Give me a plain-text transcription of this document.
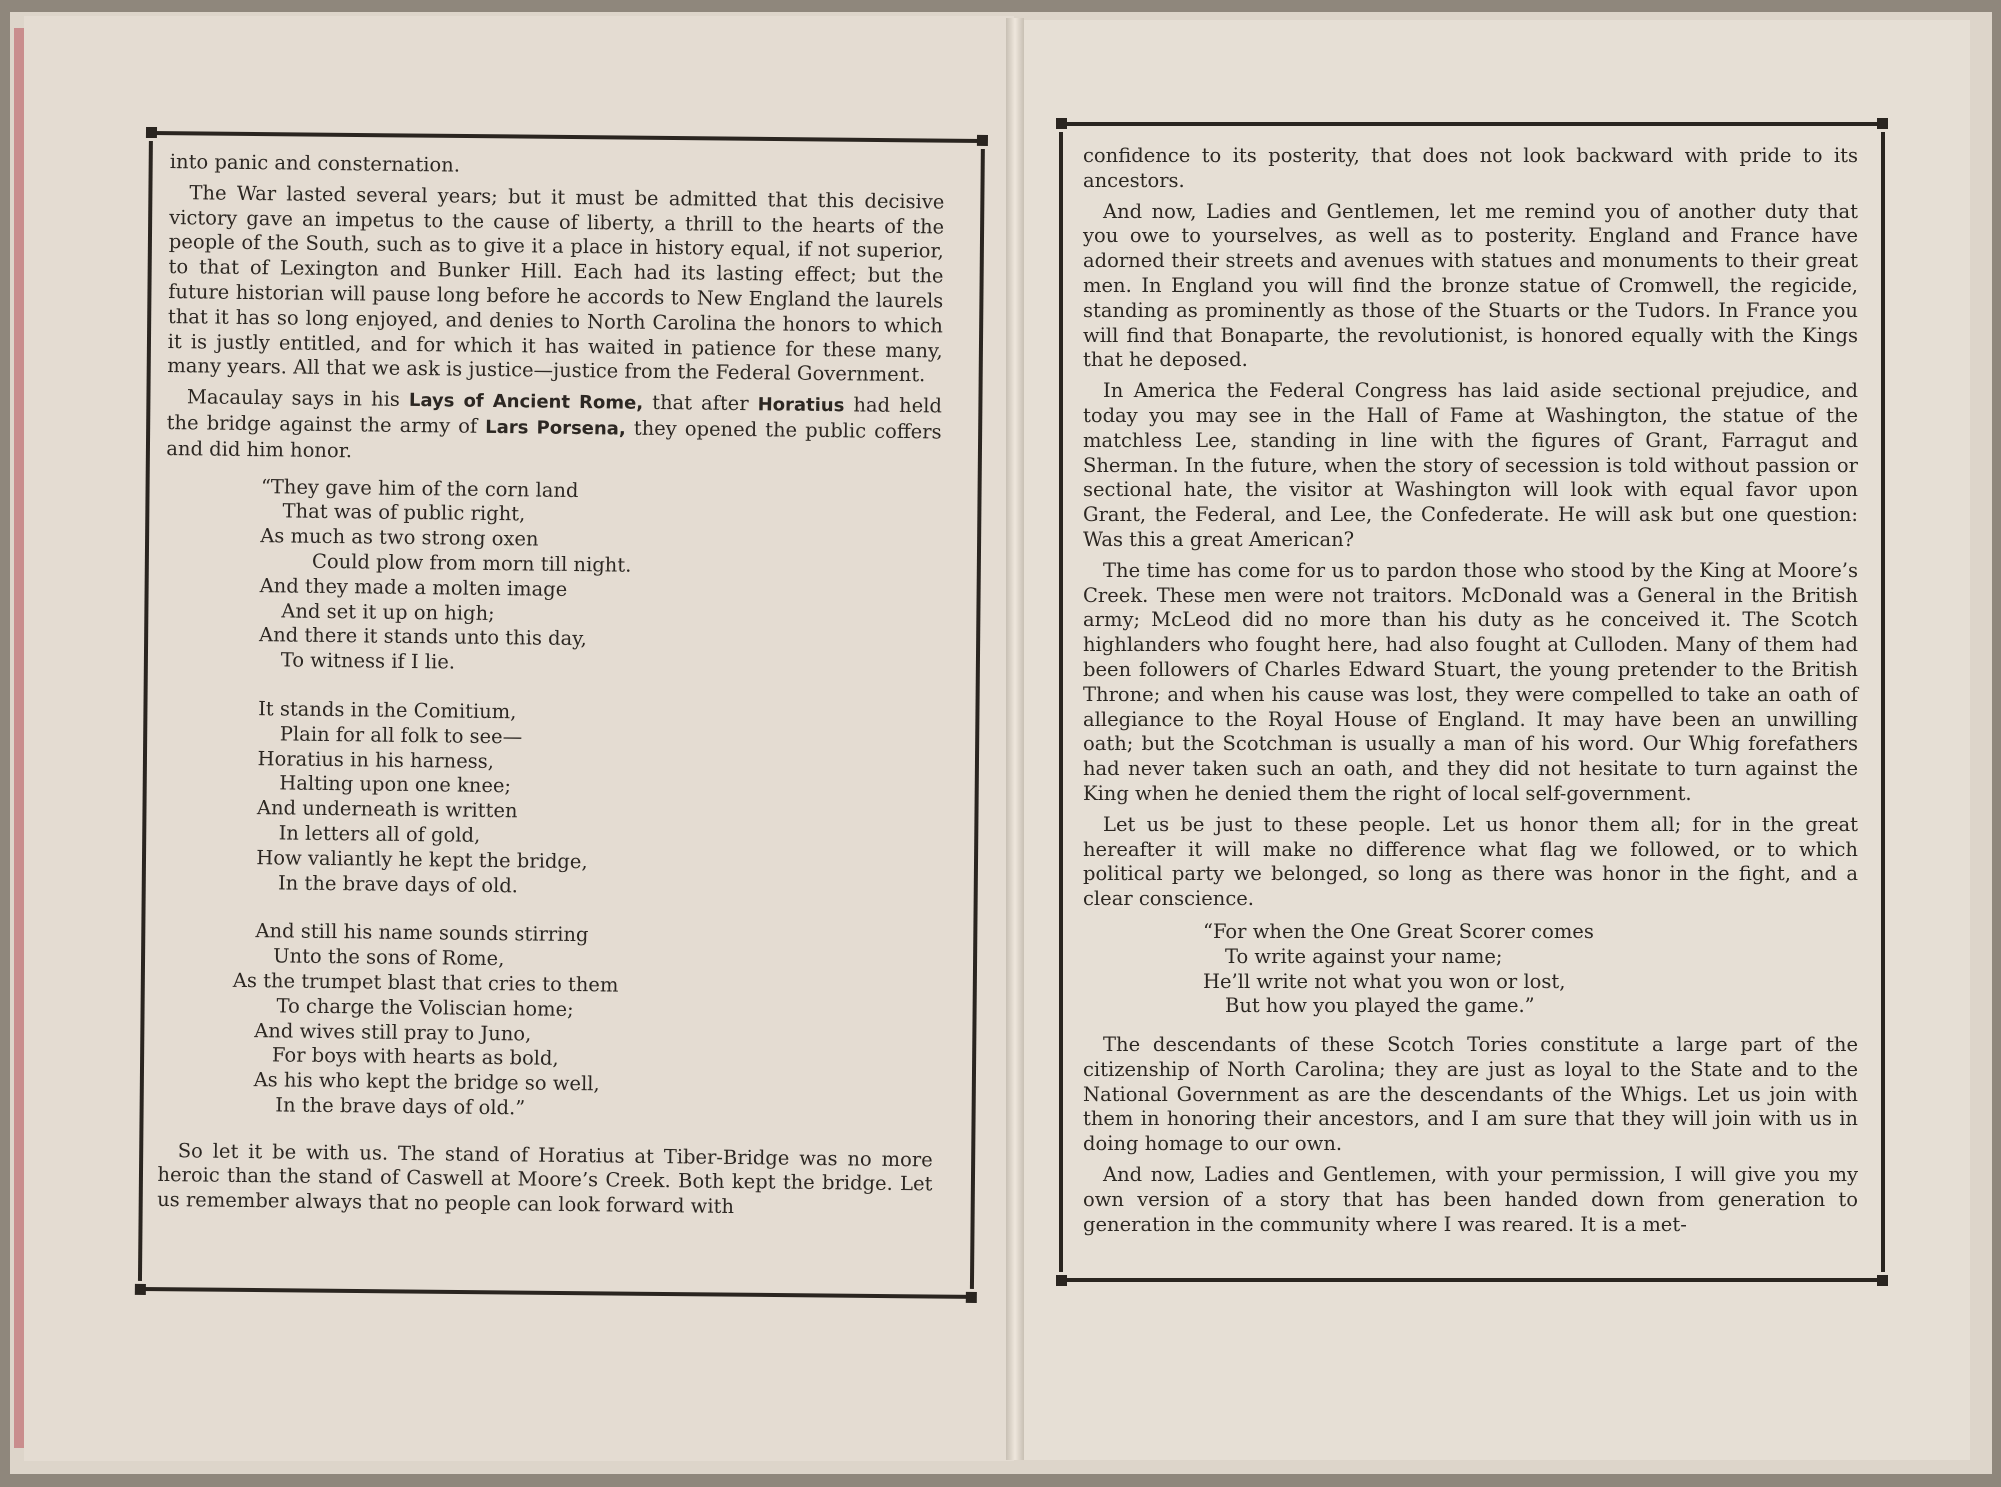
into panic and consternation.

The War lasted several years; but it must be admitted that this decisive victory gave an impetus to the cause of liberty, a thrill to the hearts of the people of the South, such as to give it a place in history equal, if not superior, to that of Lexington and Bunker Hill. Each had its lasting effect; but the future historian will pause long before he accords to New England the laurels that it has so long enjoyed, and denies to North Carolina the honors to which it is justly entitled, and for which it has waited in patience for these many, many years. All that we ask is justice—justice from the Federal Government.

Macaulay says in his Lays of Ancient Rome, that after Horatius had held the bridge against the army of Lars Porsena, they opened the public coffers and did him honor.

“They gave him of the corn land
That was of public right,
As much as two strong oxen
Could plow from morn till night.
And they made a molten image
And set it up on high;
And there it stands unto this day,
To witness if I lie.
It stands in the Comitium,
Plain for all folk to see—
Horatius in his harness,
Halting upon one knee;
And underneath is written
In letters all of gold,
How valiantly he kept the bridge,
In the brave days of old.
And still his name sounds stirring
Unto the sons of Rome,
As the trumpet blast that cries to them
To charge the Voliscian home;
And wives still pray to Juno,
For boys with hearts as bold,
As his who kept the bridge so well,
In the brave days of old.”

So let it be with us. The stand of Horatius at Tiber-Bridge was no more heroic than the stand of Caswell at Moore’s Creek. Both kept the bridge. Let us remember always that no people can look forward with

confidence to its posterity, that does not look backward with pride to its ancestors.

And now, Ladies and Gentlemen, let me remind you of another duty that you owe to yourselves, as well as to posterity. England and France have adorned their streets and avenues with statues and monuments to their great men. In England you will find the bronze statue of Cromwell, the regicide, standing as prominently as those of the Stuarts or the Tudors. In France you will find that Bonaparte, the revolutionist, is honored equally with the Kings that he deposed.

In America the Federal Congress has laid aside sectional prejudice, and today you may see in the Hall of Fame at Washington, the statue of the matchless Lee, standing in line with the figures of Grant, Farragut and Sherman. In the future, when the story of secession is told without passion or sectional hate, the visitor at Washington will look with equal favor upon Grant, the Federal, and Lee, the Confederate. He will ask but one question: Was this a great American?

The time has come for us to pardon those who stood by the King at Moore’s Creek. These men were not traitors. McDonald was a General in the British army; McLeod did no more than his duty as he conceived it. The Scotch highlanders who fought here, had also fought at Culloden. Many of them had been followers of Charles Edward Stuart, the young pretender to the British Throne; and when his cause was lost, they were compelled to take an oath of allegiance to the Royal House of England. It may have been an unwilling oath; but the Scotchman is usually a man of his word. Our Whig forefathers had never taken such an oath, and they did not hesitate to turn against the King when he denied them the right of local self-government.

Let us be just to these people. Let us honor them all; for in the great hereafter it will make no difference what flag we followed, or to which political party we belonged, so long as there was honor in the fight, and a clear conscience.

“For when the One Great Scorer comes
To write against your name;
He’ll write not what you won or lost,
But how you played the game.”

The descendants of these Scotch Tories constitute a large part of the citizenship of North Carolina; they are just as loyal to the State and to the National Government as are the descendants of the Whigs. Let us join with them in honoring their ancestors, and I am sure that they will join with us in doing homage to our own.

And now, Ladies and Gentlemen, with your permission, I will give you my own version of a story that has been handed down from generation to generation in the community where I was reared. It is a met-
